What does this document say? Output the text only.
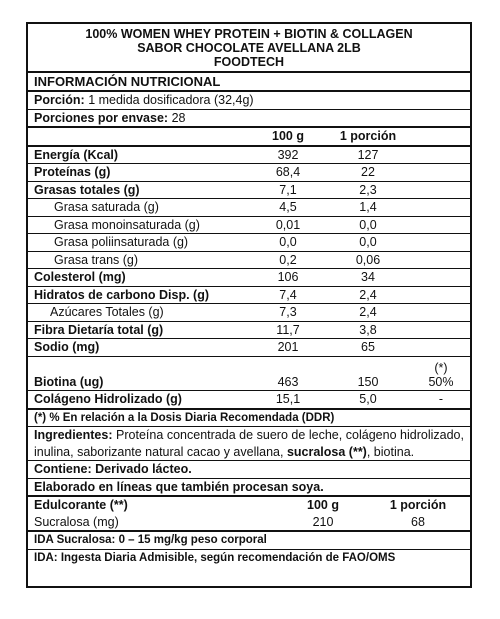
100% WOMEN WHEY PROTEIN + BIOTIN & COLLAGEN
SABOR CHOCOLATE AVELLANA 2LB
FOODTECH
INFORMACIÓN NUTRICIONAL
Porción: 1 medida dosificadora (32,4g)
Porciones por envase: 28
100 g	1 porción
Energía (Kcal)	392	127
Proteínas (g)	68,4	22
Grasas totales (g)	7,1	2,3
Grasa saturada (g)	4,5	1,4
Grasa monoinsaturada (g)	0,01	0,0
Grasa poliinsaturada (g)	0,0	0,0
Grasa trans (g)	0,2	0,06
Colesterol (mg)	106	34
Hidratos de carbono Disp. (g)	7,4	2,4
Azúcares Totales (g)	7,3	2,4
Fibra Dietaría total (g)	11,7	3,8
Sodio (mg)	201	65
(*)
Biotina (ug)	463	150	50%
Colágeno Hidrolizado (g)	15,1	5,0	-
(*) % En relación a la Dosis Diaria Recomendada (DDR)
Ingredientes: Proteína concentrada de suero de leche, colágeno hidrolizado, inulina, saborizante natural cacao y avellana, sucralosa (**), biotina.
Contiene: Derivado lácteo.
Elaborado en líneas que también procesan soya.
Edulcorante (**)	100 g	1 porción
Sucralosa (mg)	210	68
IDA Sucralosa: 0 – 15 mg/kg peso corporal
IDA: Ingesta Diaria Admisible, según recomendación de FAO/OMS
